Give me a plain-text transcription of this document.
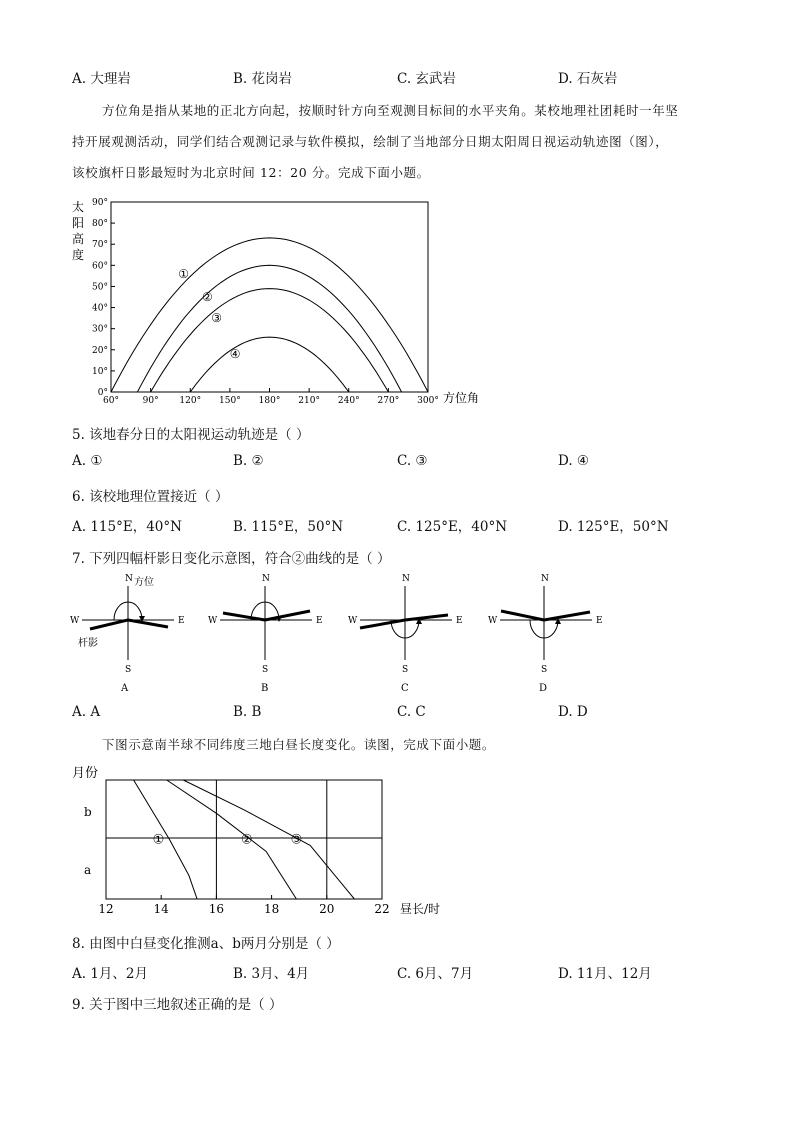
A. 大理岩	B. 花岗岩	C. 玄武岩	D. 石灰岩
方位角是指从某地的正北方向起，按顺时针方向至观测目标间的水平夹角。某校地理社团耗时一年坚
持开展观测活动，同学们结合观测记录与软件模拟，绘制了当地部分日期太阳周日视运动轨迹图（图），
该校旗杆日影最短时为北京时间 12：20 分。完成下面小题。
0°
10°
20°
30°
40°
50°
60°
70°
80°
90°
60°	90° 120° 150° 180° 210° 240° 270° 300°
①
②
③
④
太
阳
高
度
方位角
5. 该地春分日的太阳视运动轨迹是（ ）
A. ①	B. ②	C. ③	D. ④
6. 该校地理位置接近（ ）
A. 115°E，40°N	B. 115°E，50°N	C. 125°E，40°N	D. 125°E，50°N
7. 下列四幅杆影日变化示意图，符合②曲线的是（ ）
N
S
W	E
方位
杆影
A
N
S
W	E
B
N
S
W	E
C
N
S
W	E
D
A. A	B. B	C. C	D. D
下图示意南半球不同纬度三地白昼长度变化。读图，完成下面小题。
月份
12	14	16	18	20	22
①	②	③
b
a
昼长/时
8. 由图中白昼变化推测a、b两月分别是（ ）
A. 1月、2月	B. 3月、4月	C. 6月、7月	D. 11月、12月
9. 关于图中三地叙述正确的是（ ）
